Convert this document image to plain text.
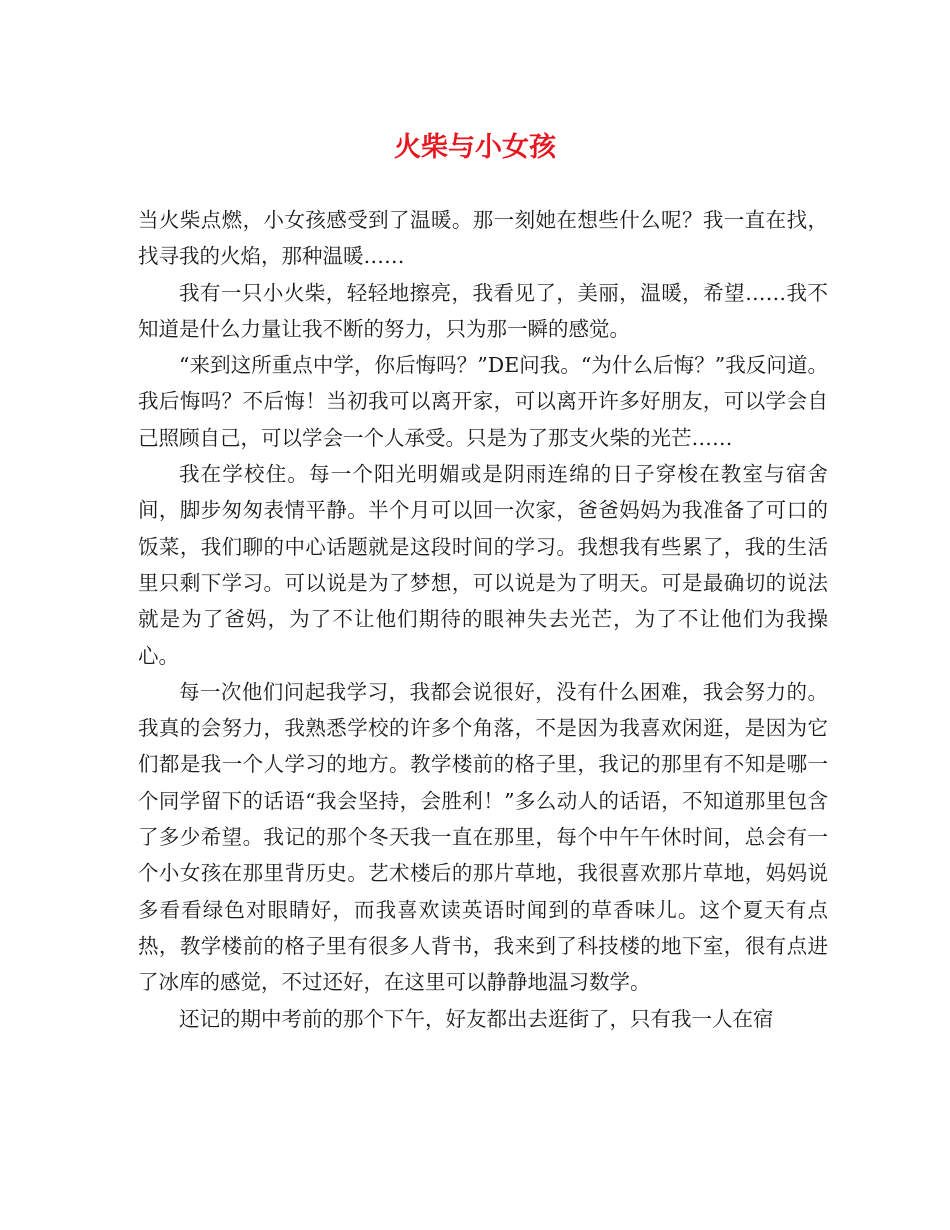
火柴与小女孩

当火柴点燃，小女孩感受到了温暖。那一刻她在想些什么呢？我一直在找，找寻我的火焰，那种温暖……

我有一只小火柴，轻轻地擦亮，我看见了，美丽，温暖，希望……我不知道是什么力量让我不断的努力，只为那一瞬的感觉。

“来到这所重点中学，你后悔吗？”DE问我。“为什么后悔？”我反问道。我后悔吗？不后悔！当初我可以离开家，可以离开许多好朋友，可以学会自己照顾自己，可以学会一个人承受。只是为了那支火柴的光芒……

我在学校住。每一个阳光明媚或是阴雨连绵的日子穿梭在教室与宿舍间，脚步匆匆表情平静。半个月可以回一次家，爸爸妈妈为我准备了可口的饭菜，我们聊的中心话题就是这段时间的学习。我想我有些累了，我的生活里只剩下学习。可以说是为了梦想，可以说是为了明天。可是最确切的说法就是为了爸妈，为了不让他们期待的眼神失去光芒，为了不让他们为我操心。

每一次他们问起我学习，我都会说很好，没有什么困难，我会努力的。我真的会努力，我熟悉学校的许多个角落，不是因为我喜欢闲逛，是因为它们都是我一个人学习的地方。教学楼前的格子里，我记的那里有不知是哪一个同学留下的话语“我会坚持，会胜利！”多么动人的话语，不知道那里包含了多少希望。我记的那个冬天我一直在那里，每个中午午休时间，总会有一个小女孩在那里背历史。艺术楼后的那片草地，我很喜欢那片草地，妈妈说多看看绿色对眼睛好，而我喜欢读英语时闻到的草香味儿。这个夏天有点热，教学楼前的格子里有很多人背书，我来到了科技楼的地下室，很有点进了冰库的感觉，不过还好，在这里可以静静地温习数学。

还记的期中考前的那个下午，好友都出去逛街了，只有我一人在宿
